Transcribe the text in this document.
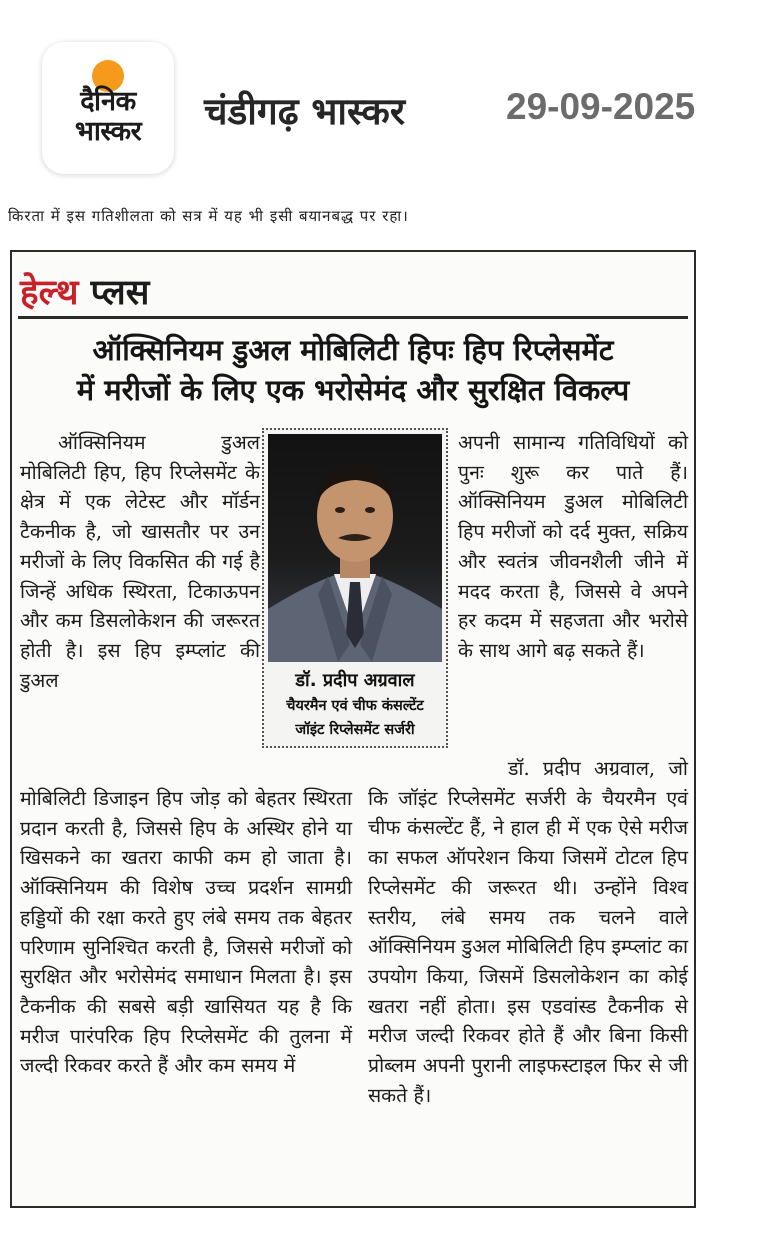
दैनिक
भास्कर	चंडीगढ़ भास्कर	29-09-2025
किरता में इस गतिशीलता को सत्र में यह भी इसी बयानबद्ध पर रहा।
हेल्थ प्लस
ऑक्सिनियम डुअल मोबिलिटी हिपः हिप रिप्लेसमेंट
में मरीजों के लिए एक भरोसेमंद और सुरक्षित विकल्प
ऑक्सिनियम डुअल मोबिलिटी हिप, हिप रिप्लेसमेंट के क्षेत्र में एक लेटेस्ट और मॉर्डन टैकनीक है, जो खासतौर पर उन मरीजों के लिए विकसित की गई है जिन्हें अधिक स्थिरता, टिकाऊपन और कम डिसलोकेशन की जरूरत होती है। इस हिप इम्प्लांट की डुअल	डॉ. प्रदीप अग्रवाल
चैयरमैन एवं चीफ कंसल्टेंट
जॉइंट रिप्लेसमेंट सर्जरी
अपनी सामान्य गतिविधियों को पुनः शुरू कर पाते हैं। ऑक्सिनियम डुअल मोबिलिटी हिप मरीजों को दर्द मुक्त, सक्रिय और स्वतंत्र जीवनशैली जीने में मदद करता है, जिससे वे अपने हर कदम में सहजता और भरोसे के साथ आगे बढ़ सकते हैं।
मोबिलिटी डिजाइन हिप जोड़ को बेहतर स्थिरता प्रदान करती है, जिससे हिप के अस्थिर होने या खिसकने का खतरा काफी कम हो जाता है। ऑक्सिनियम की विशेष उच्च प्रदर्शन सामग्री हड्डियों की रक्षा करते हुए लंबे समय तक बेहतर परिणाम सुनिश्चित करती है, जिससे मरीजों को सुरक्षित और भरोसेमंद समाधान मिलता है। इस टैकनीक की सबसे बड़ी खासियत यह है कि मरीज पारंपरिक हिप रिप्लेसमेंट की तुलना में जल्दी रिकवर करते हैं और कम समय में
डॉ. प्रदीप अग्रवाल, जो कि जॉइंट रिप्लेसमेंट सर्जरी के चैयरमैन एवं चीफ कंसल्टेंट हैं, ने हाल ही में एक ऐसे मरीज का सफल ऑपरेशन किया जिसमें टोटल हिप रिप्लेसमेंट की जरूरत थी। उन्होंने विश्व स्तरीय, लंबे समय तक चलने वाले ऑक्सिनियम डुअल मोबिलिटी हिप इम्प्लांट का उपयोग किया, जिसमें डिसलोकेशन का कोई खतरा नहीं होता। इस एडवांस्ड टैकनीक से मरीज जल्दी रिकवर होते हैं और बिना किसी प्रोब्लम अपनी पुरानी लाइफस्टाइल फिर से जी सकते हैं।
